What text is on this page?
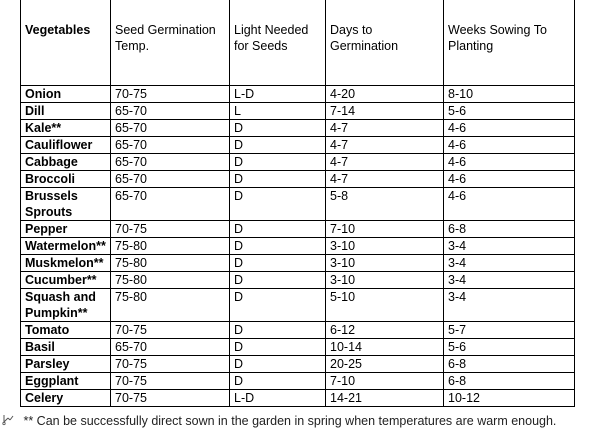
Vegetables	Seed Germination Temp.	Light Needed for Seeds	Days to Germination	Weeks Sowing To Planting
Onion	70-75	L-D	4-20	8-10
Dill	65-70	L	7-14	5-6
Kale**	65-70	D	4-7	4-6
Cauliflower	65-70	D	4-7	4-6
Cabbage	65-70	D	4-7	4-6
Broccoli	65-70	D	4-7	4-6
Brussels Sprouts	65-70	D	5-8	4-6
Pepper	70-75	D	7-10	6-8
Watermelon**	75-80	D	3-10	3-4
Muskmelon**	75-80	D	3-10	3-4
Cucumber**	75-80	D	3-10	3-4
Squash and Pumpkin**	75-80	D	5-10	3-4
Tomato	70-75	D	6-12	5-7
Basil	65-70	D	10-14	5-6
Parsley	70-75	D	20-25	6-8
Eggplant	70-75	D	7-10	6-8
Celery	70-75	L-D	14-21	10-12
** Can be successfully direct sown in the garden in spring when temperatures are warm enough.
